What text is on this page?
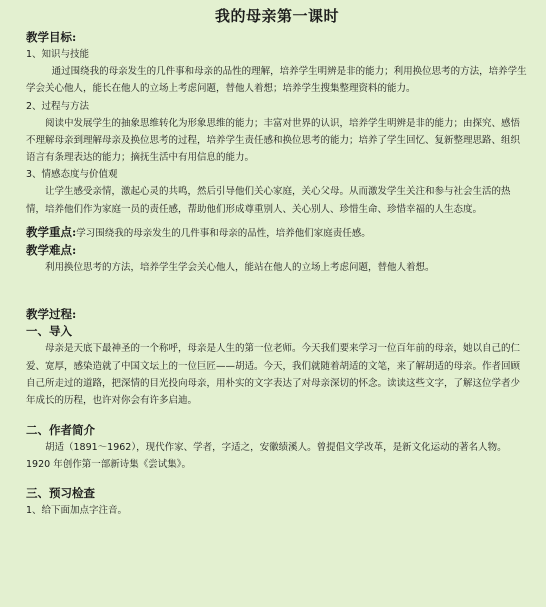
我的母亲第一课时
教学目标:
1、知识与技能
通过围绕我的母亲发生的几件事和母亲的品性的理解，培养学生明辨是非的能力；利用换位思考的方法，培养学生学会关心他人，能长在他人的立场上考虑问题，替他人着想；培养学生搜集整理资料的能力。
2、过程与方法
阅读中发展学生的抽象思维转化为形象思维的能力；丰富对世界的认识，培养学生明辨是非的能力；由探究、感悟不理解母亲到理解母亲及换位思考的过程，培养学生责任感和换位思考的能力；培养了学生回忆、复新整理思路、组织语言有条理表达的能力；摘抚生活中有用信息的能力。
3、情感态度与价值观
让学生感受亲情，激起心灵的共鸣，然后引导他们关心家庭，关心父母。从而激发学生关注和参与社会生活的热情，培养他们作为家庭一员的责任感，帮助他们形成尊重别人、关心别人、珍惜生命、珍惜幸福的人生态度。
教学重点:学习围绕我的母亲发生的几件事和母亲的品性，培养他们家庭责任感。
教学难点:
利用换位思考的方法，培养学生学会关心他人，能站在他人的立场上考虑问题，替他人着想。
教学过程:
一、导入
母亲是天底下最神圣的一个称呼，母亲是人生的第一位老师。今天我们要来学习一位百年前的母亲，她以自己的仁爱、宽厚，感染造就了中国文坛上的一位巨匠——胡适。今天，我们就随着胡适的文笔，来了解胡适的母亲。作者回顾自己所走过的道路，把深情的目光投向母亲，用朴实的文字表达了对母亲深切的怀念。读读这些文字，了解这位学者少年成长的历程，也许对你会有许多启迪。
二、作者简介
胡适（1891～1962），现代作家、学者，字适之，安徽绩溪人。曾提倡文学改革，是新文化运动的著名人物。1920 年创作第一部新诗集《尝试集》。
三、预习检查
1、给下面加点字注音。
